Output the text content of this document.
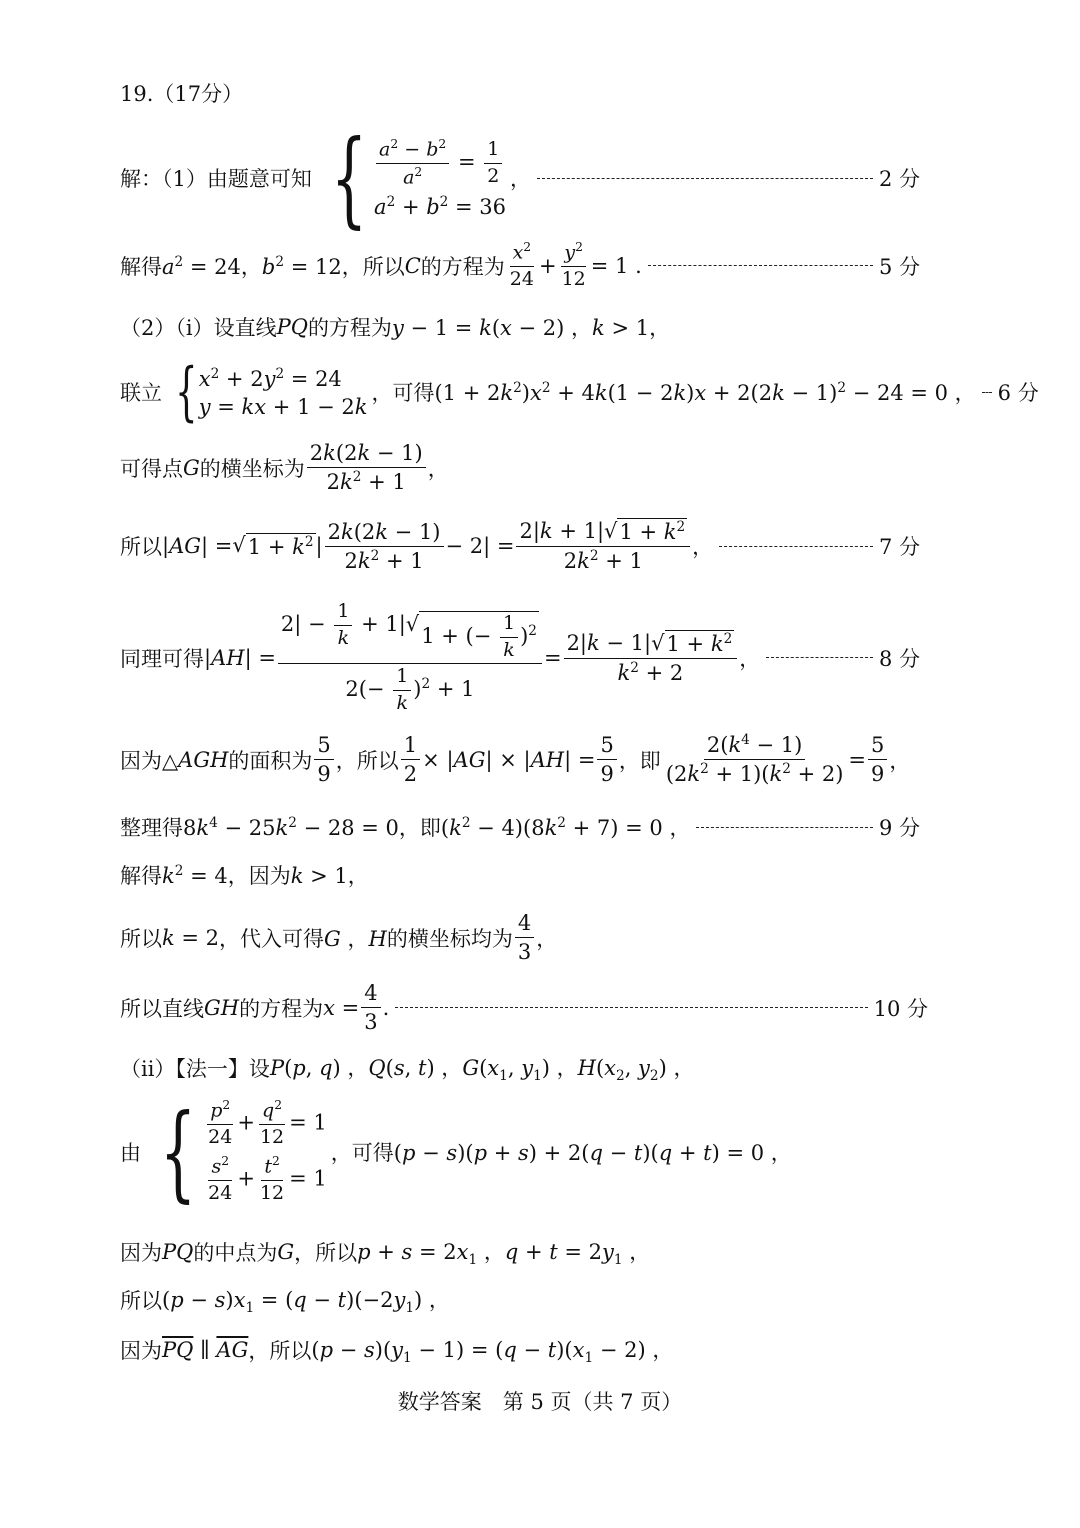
19.（17分）
解：（1）由题意可知 { $\frac{a^2 - b^2}{a^2} = \frac{1}{2}$
$a^2 + b^2 = 36$
，	2 分
解得 $a^2 = 24$，$b^2 = 12$ ，所以 C 的方程为 $\frac{x^2}{24} + \frac{y^2}{12} = 1$ .	5 分
（2）（ⅰ）设直线 PQ 的方程为 y − 1 = k(x − 2) ，k > 1，
联立 { $x^2 + 2y^2 = 24$
y = kx + 1 − 2k
，可得 $(1 + 2k^2)x^2 + 4k(1 - 2k)x + 2(2k - 1)^2 - 24 = 0$ ， 6 分
可得点 G 的横坐标为 $\frac{2k(2k - 1)}{2k^2 + 1}$ ，
所以 |AG| = √ $1 + k^2$ | $\frac{2k(2k - 1)}{2k^2 + 1} - 2| = \frac{2|k + 1|√ 1 + k^2}{2k^2 + 1}$ ，	7 分
同理可得 $|AH| = \frac{2| - \frac{1}{k} + 1|√ 1 + (- \frac{1}{k} )^2}{2(- \frac{1}{k} )^2 + 1} = \frac{2|k - 1|√ 1 + k^2}{k^2 + 2}$ ，	8 分
因为△ AGH 的面积为 $\frac{5}{9}$ ，所以 $\frac{1}{2} \times |AG| \times |AH| = \frac{5}{9}$ ，即 $\frac{2(k^4 - 1)}{(2k^2 + 1)(k^2 + 2)} = \frac{5}{9}$ ，
整理得 $8k^4 - 25k^2 - 28 = 0$ ，即 $(k^2 - 4)(8k^2 + 7) = 0$ ，	9 分
解得 $k^2 = 4$ ，因为 k > 1，
所以 k = 2 ，代入可得 G ，H 的横坐标均为 $\frac{4}{3}$ ，
所以直线 GH 的方程为 $x = \frac{4}{3}$ .	10 分
（ⅱ）【法一】设 P(p, q) ，Q(s, t) ，$G(x_1$, $y_1$) ，$H(x_2$, $y_2$) ，
由 { $\frac{p^2}{24} + \frac{q^2}{12} = 1$
$\frac{s^2}{24} + \frac{t^2}{12} = 1$
，可得 (p − s)(p + s) + 2(q − t)(q + t) = 0 ，
因为 PQ 的中点为 G ，所以 $p + s = 2x_1$ ，$q + t = 2y_1$ ，
所以 $(p - s)x_1 = (q - t)(-2y_1)$ ，
因为 $\overline{PQ}$ ∥ $\overline{AG}$ ，所以 $(p - s)(y_1 - 1) = (q - t)(x_1 - 2)$ ，
数学答案　第 5 页（共 7 页）
